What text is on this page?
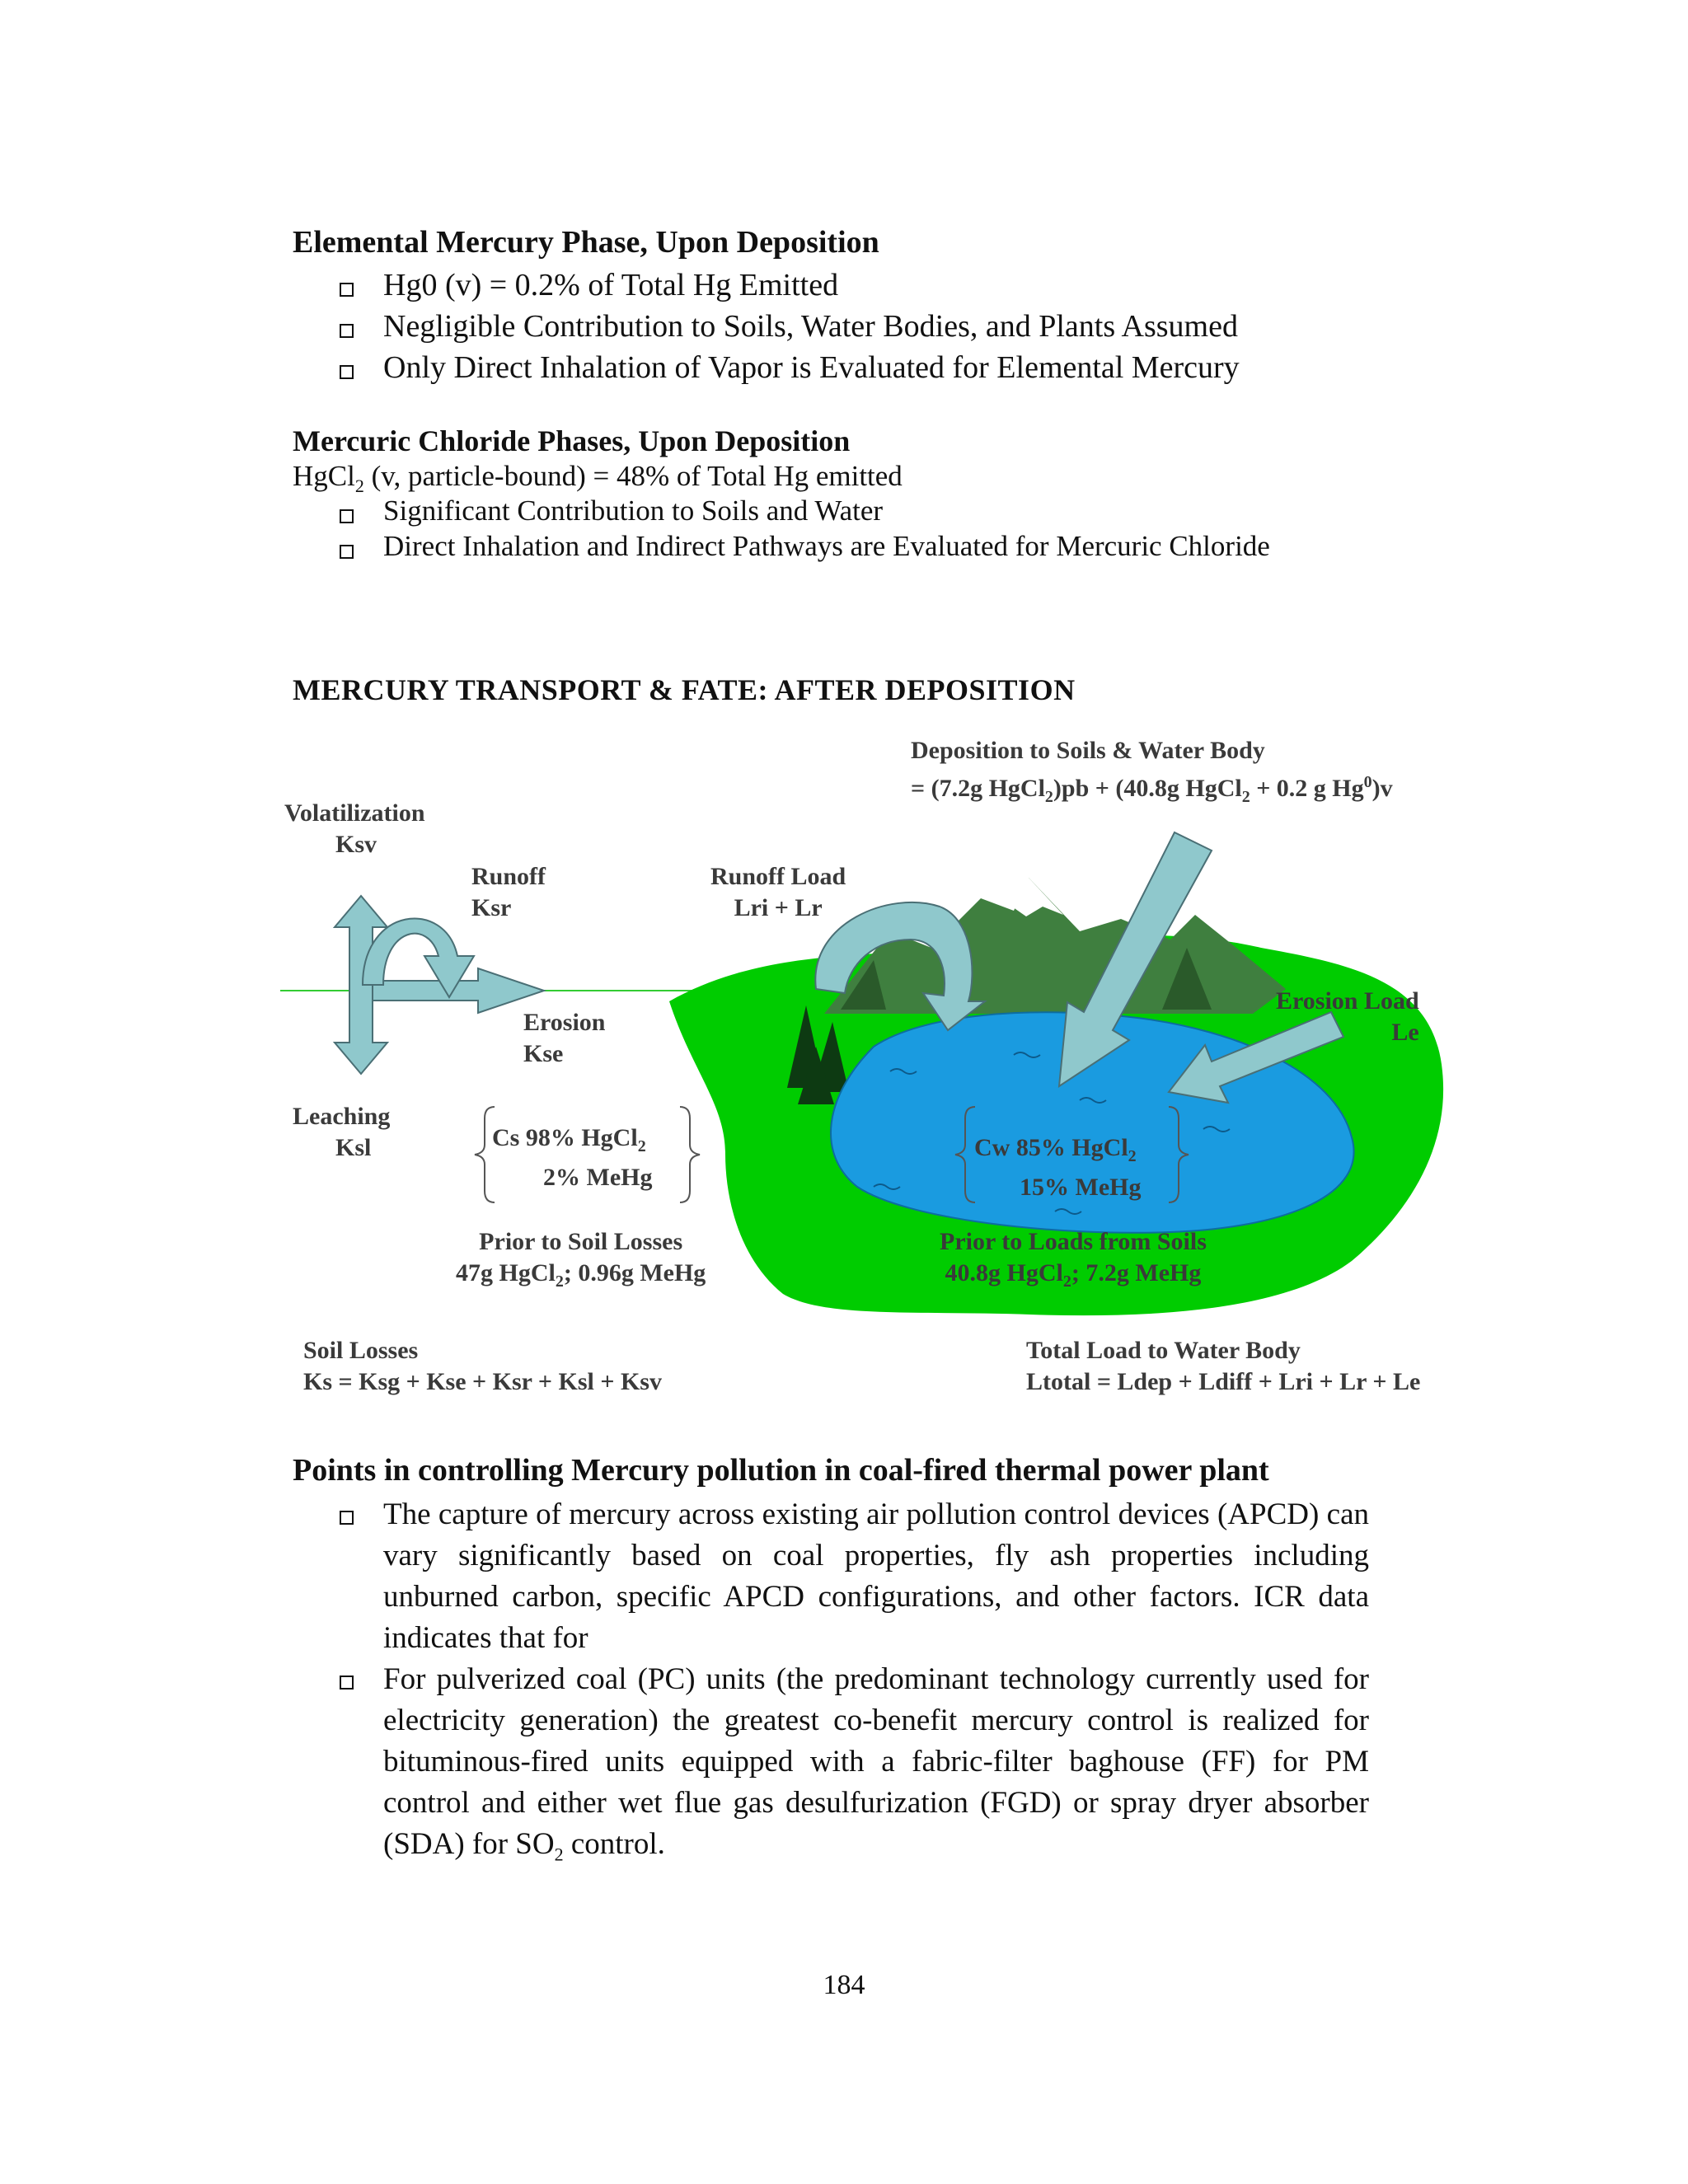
Elemental Mercury Phase, Upon Deposition
Hg0 (v) = 0.2% of Total Hg Emitted
Negligible Contribution to Soils, Water Bodies, and Plants Assumed
Only Direct Inhalation of Vapor is Evaluated for Elemental Mercury
Mercuric Chloride Phases, Upon Deposition
HgCl$_2$ (v, particle-bound) = 48% of Total Hg emitted
Significant Contribution to Soils and Water
Direct Inhalation and Indirect Pathways are Evaluated for Mercuric Chloride
MERCURY TRANSPORT & FATE: AFTER DEPOSITION
Deposition to Soils & Water Body
= (7.2g HgCl$_2$)pb + (40.8g HgCl$_2$ + 0.2 g Hg$^0$)v
Volatilization
Ksv
Runoff
Ksr
Runoff Load
Lri + Lr
Erosion
Kse
Erosion Load
Le
Leaching
Ksl	Cs 98% HgCl$_2$
2% MeHg
Cw 85% HgCl$_2$
15% MeHg
Prior to Soil Losses
47g HgCl$_2$; 0.96g MeHg
Prior to Loads from Soils
40.8g HgCl$_2$; 7.2g MeHg
Soil Losses
Ks = Ksg + Kse + Ksr + Ksl + Ksv
Total Load to Water Body
Ltotal = Ldep + Ldiff + Lri + Lr + Le
Points in controlling Mercury pollution in coal-fired thermal power plant
The capture of mercury across existing air pollution control devices (APCD) can vary significantly based on coal properties, fly ash properties including unburned carbon, specific APCD configurations, and other factors. ICR data indicates that for
For pulverized coal (PC) units (the predominant technology currently used for electricity generation) the greatest co-benefit mercury control is realized for bituminous-fired units equipped with a fabric-filter baghouse (FF) for PM control and either wet flue gas desulfurization (FGD) or spray dryer absorber (SDA) for $SO_2$ control.
184
